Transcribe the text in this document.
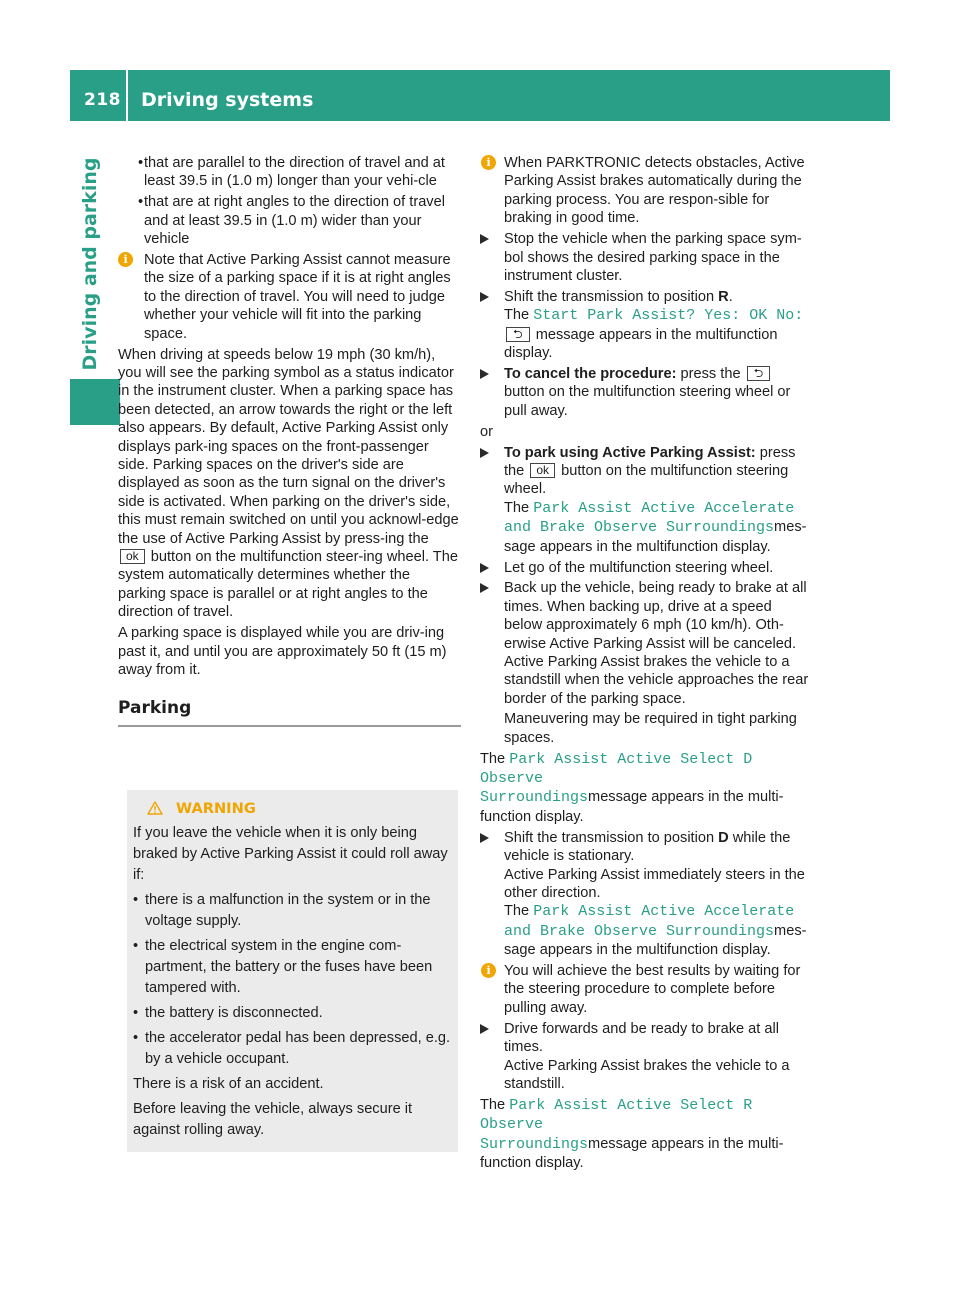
218 Driving systems
Driving and parking	• that are parallel to the direction of travel and at least 39.5 in (1.0 m) longer than your vehi-cle
• that are at right angles to the direction of travel and at least 39.5 in (1.0 m) wider than your vehicle
i	Note that Active Parking Assist cannot measure the size of a parking space if it is at right angles to the direction of travel. You will need to judge whether your vehicle will fit into the parking space.
When driving at speeds below 19 mph (30 km/h), you will see the parking symbol as a status indicator in the instrument cluster. When a parking space has been detected, an arrow towards the right or the left also appears. By default, Active Parking Assist only displays park-ing spaces on the front-passenger side. Parking spaces on the driver's side are displayed as soon as the turn signal on the driver's side is activated. When parking on the driver's side, this must remain switched on until you acknowl-edge the use of Active Parking Assist by press-ing the ok button on the multifunction steer-ing wheel. The system automatically determines whether the parking space is parallel or at right angles to the direction of travel.
A parking space is displayed while you are driv-ing past it, and until you are approximately 50 ft (15 m) away from it.
Parking
WARNING
If you leave the vehicle when it is only being braked by Active Parking Assist it could roll away if:
• there is a malfunction in the system or in the voltage supply.
• the electrical system in the engine com-partment, the battery or the fuses have been tampered with.
• the battery is disconnected.
• the accelerator pedal has been depressed, e.g. by a vehicle occupant.
There is a risk of an accident.
Before leaving the vehicle, always secure it against rolling away.
i When PARKTRONIC detects obstacles, Active Parking Assist brakes automatically during the parking process. You are respon-sible for braking in good time.
Stop the vehicle when the parking space sym-bol shows the desired parking space in the instrument cluster.
Shift the transmission to position R.
The Start Park Assist? Yes: OK No: ⮌ message appears in the multifunction display.
To cancel the procedure: press the ⮌ button on the multifunction steering wheel or pull away.
or
To park using Active Parking Assist: press the ok button on the multifunction steering wheel.
The Park Assist Active Accelerate
and Brake Observe Surroundingsmes- sage appears in the multifunction display.
Let go of the multifunction steering wheel.
Back up the vehicle, being ready to brake at all times. When backing up, drive at a speed below approximately 6 mph (10 km/h). Oth-erwise Active Parking Assist will be canceled. Active Parking Assist brakes the vehicle to a standstill when the vehicle approaches the rear border of the parking space.
Maneuvering may be required in tight parking spaces.
The Park Assist Active Select D Observe
Surroundingsmessage appears in the multi-function display.
Shift the transmission to position D while the vehicle is stationary.
Active Parking Assist immediately steers in the other direction.
The Park Assist Active Accelerate
and Brake Observe Surroundingsmes- sage appears in the multifunction display.
i You will achieve the best results by waiting for the steering procedure to complete before pulling away.
Drive forwards and be ready to brake at all times.
Active Parking Assist brakes the vehicle to a standstill.
The Park Assist Active Select R Observe
Surroundingsmessage appears in the multi-function display.
